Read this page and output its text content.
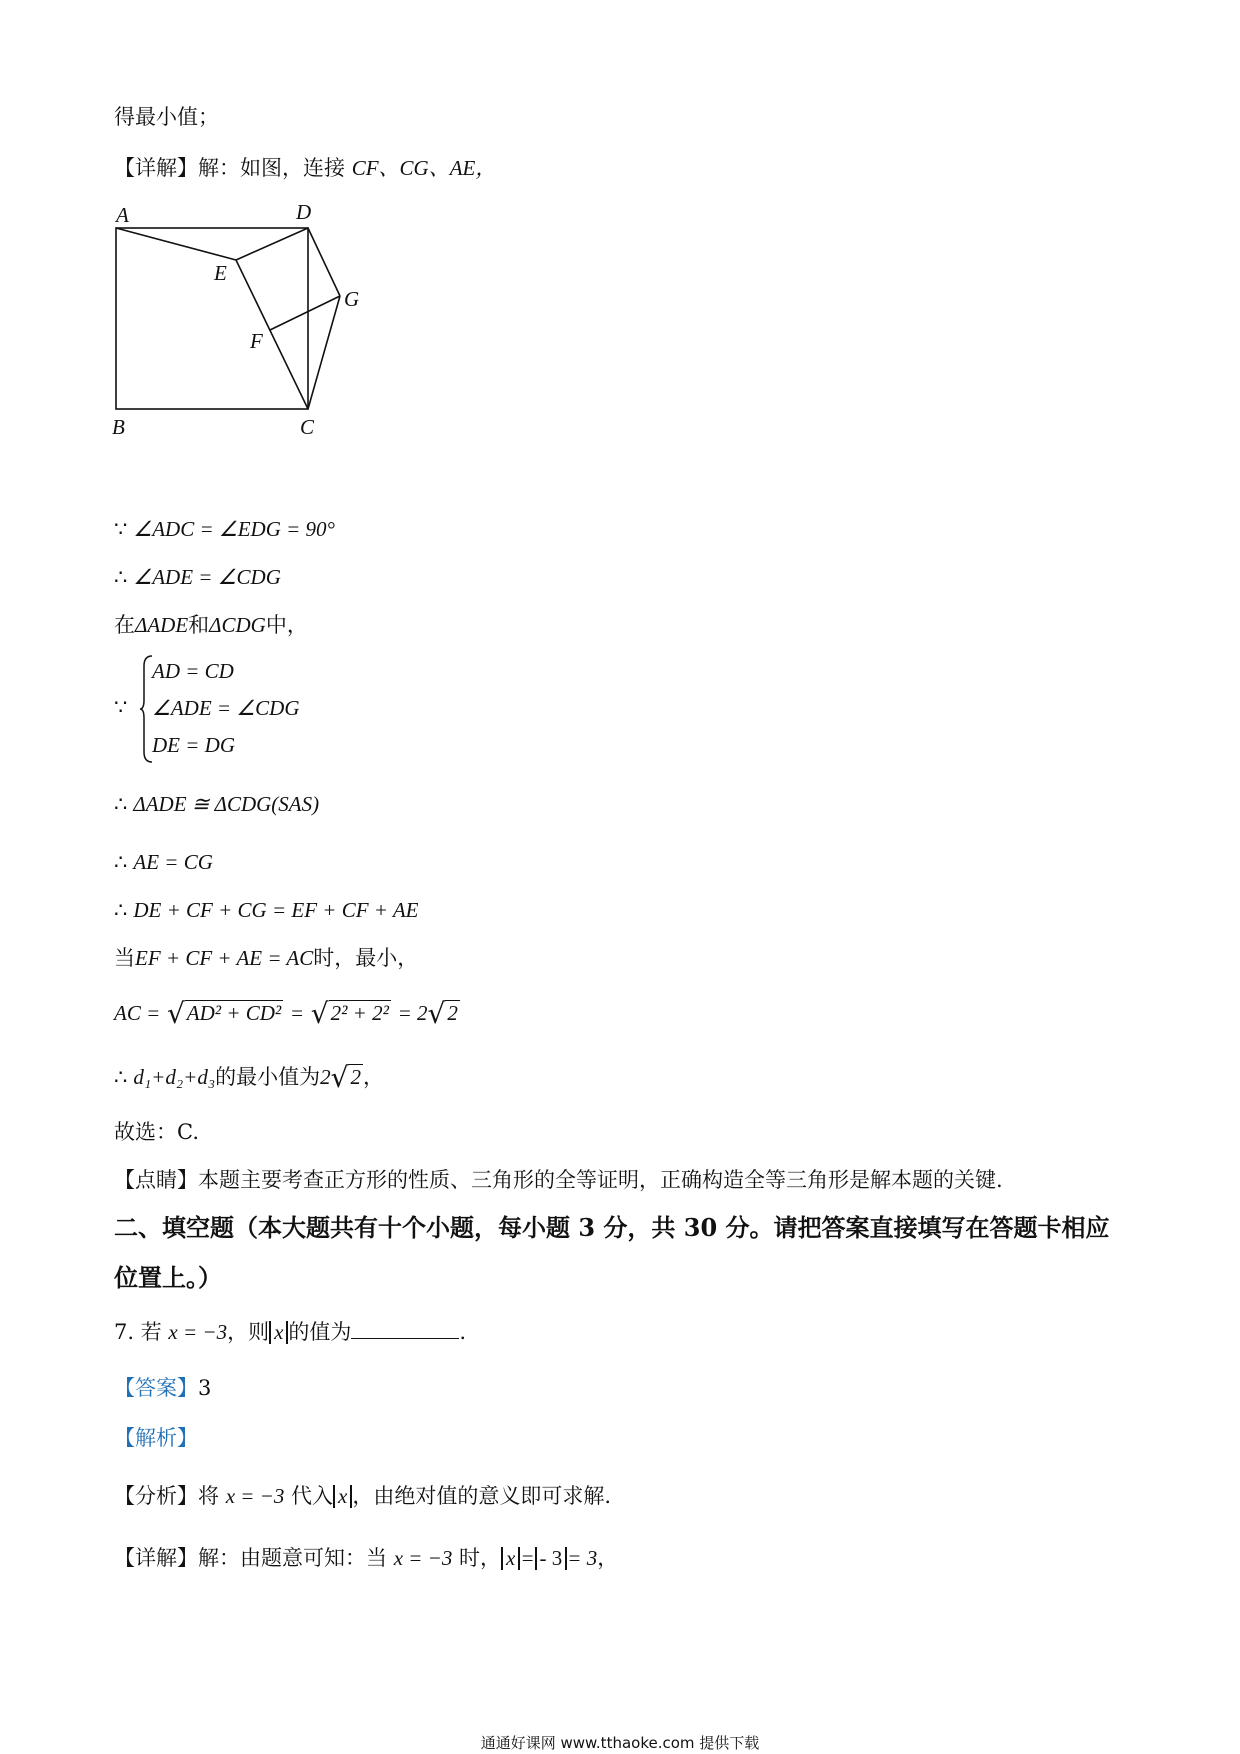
得最小值；
【详解】解：如图，连接 CF、CG、AE，
A	D
E
G
F
B	C
∵ ∠ADC = ∠EDG = 90°
∴ ∠ADE = ∠CDG
在ΔADE和ΔCDG中，
∵
AD = CD
∠ADE = ∠CDG
DE = DG
∴ ΔADE ≅ ΔCDG(SAS)
∴ AE = CG
∴ DE + CF + CG = EF + CF + AE
当EF + CF + AE = AC时，最小，
AC = √AD² + CD² = √2² + 2² = 2√2
∴ d₁+d₂+d₃的最小值为2√2，
故选：C.
【点睛】本题主要考查正方形的性质、三角形的全等证明，正确构造全等三角形是解本题的关键.
二、填空题（本大题共有十个小题，每小题 3 分，共 30 分。请把答案直接填写在答题卡相应
位置上。）
7. 若 x = −3，则 x 的值为	.
【答案】3
【解析】
【分析】将 x = −3 代入 x ，由绝对值的意义即可求解.
【详解】解：由题意可知：当 x = −3 时， x = - 3 = 3，
通通好课网 www.tthaoke.com 提供下载
